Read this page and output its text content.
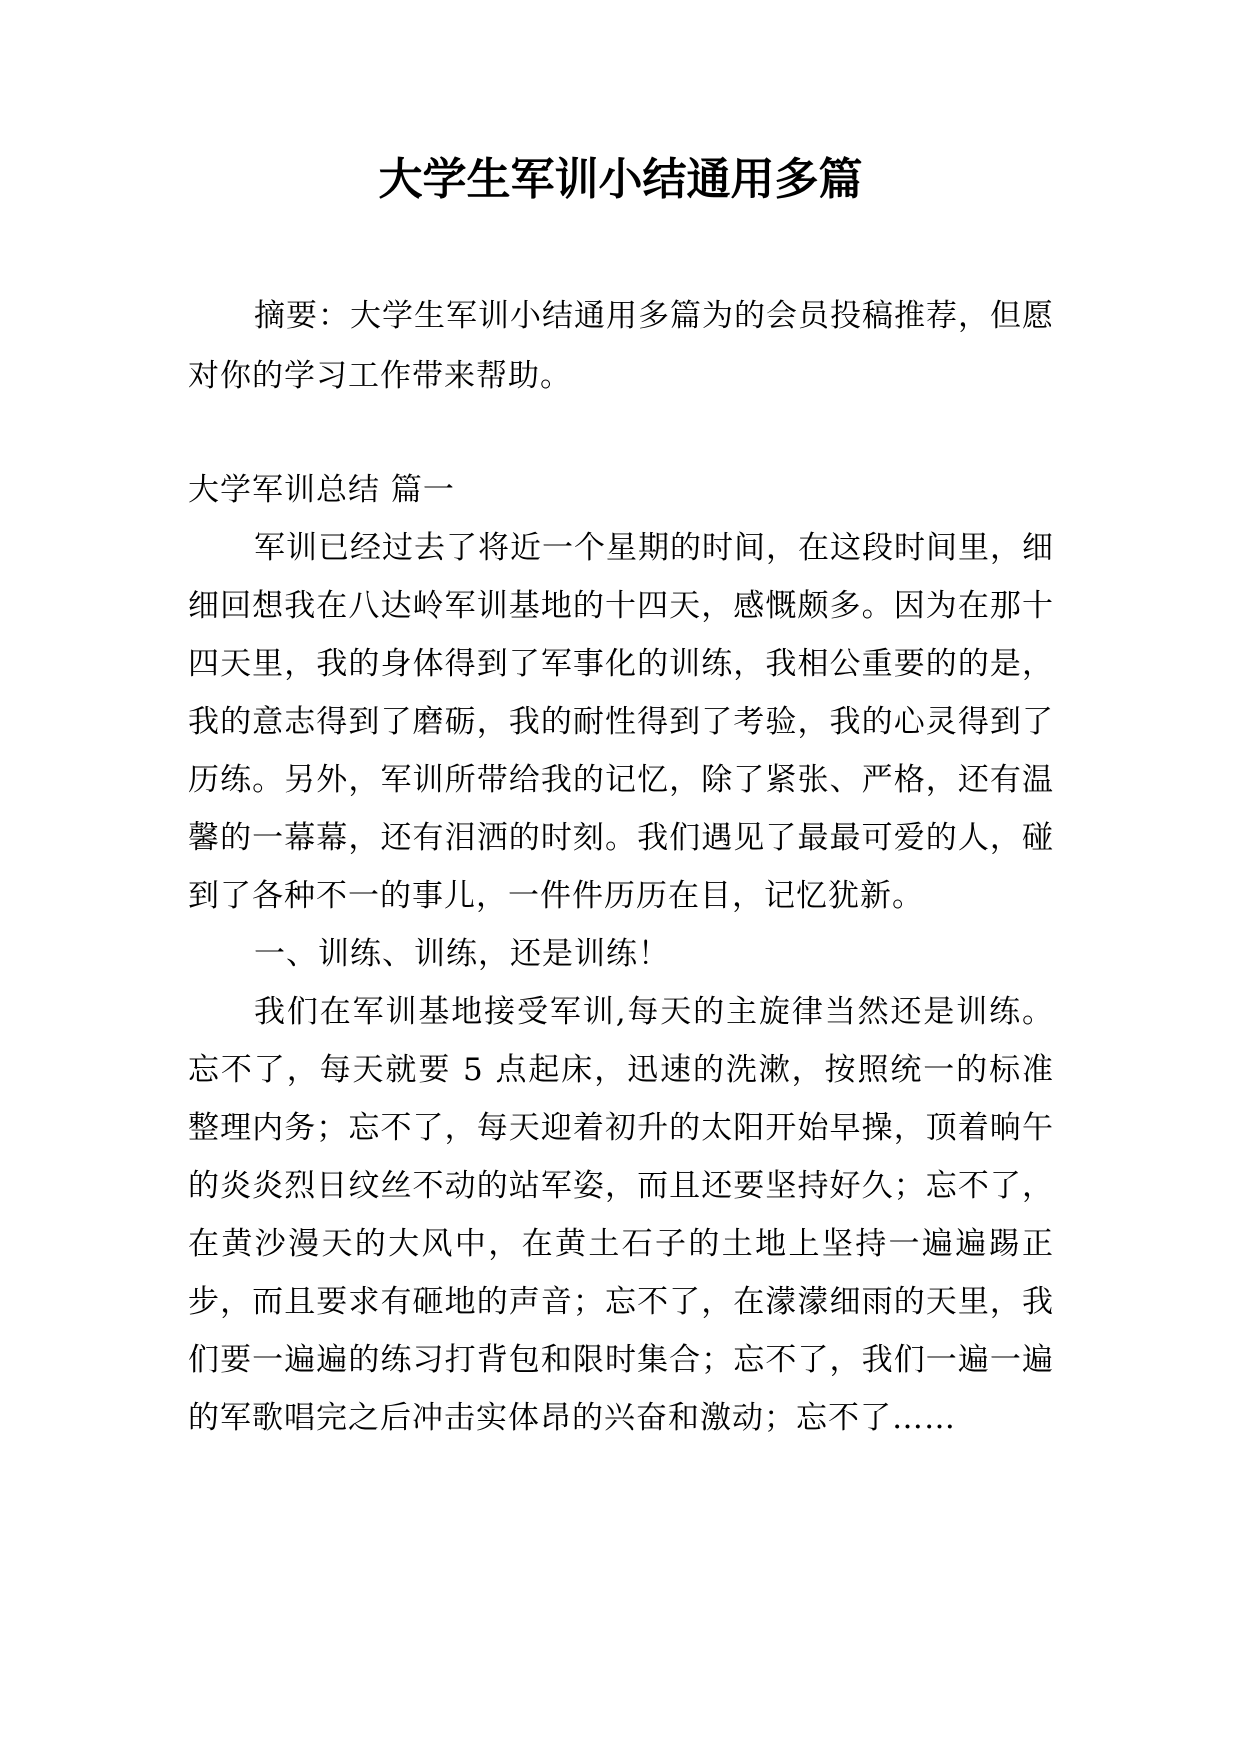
大学生军训小结通用多篇

摘要：大学生军训小结通用多篇为的会员投稿推荐，但愿对你的学习工作带来帮助。

大学军训总结 篇一

军训已经过去了将近一个星期的时间，在这段时间里，细细回想我在八达岭军训基地的十四天，感慨颇多。因为在那十四天里，我的身体得到了军事化的训练，我相公重要的的是，我的意志得到了磨砺，我的耐性得到了考验，我的心灵得到了历练。另外，军训所带给我的记忆，除了紧张、严格，还有温馨的一幕幕，还有泪洒的时刻。我们遇见了最最可爱的人，碰到了各种不一的事儿，一件件历历在目，记忆犹新。

一、训练、训练，还是训练！

我们在军训基地接受军训,每天的主旋律当然还是训练。忘不了，每天就要 5 点起床，迅速的洗漱，按照统一的标准整理内务；忘不了，每天迎着初升的太阳开始早操，顶着晌午的炎炎烈日纹丝不动的站军姿，而且还要坚持好久；忘不了，在黄沙漫天的大风中，在黄土石子的土地上坚持一遍遍踢正步，而且要求有砸地的声音；忘不了，在濛濛细雨的天里，我们要一遍遍的练习打背包和限时集合；忘不了，我们一遍一遍的军歌唱完之后冲击实体昂的兴奋和激动；忘不了……
